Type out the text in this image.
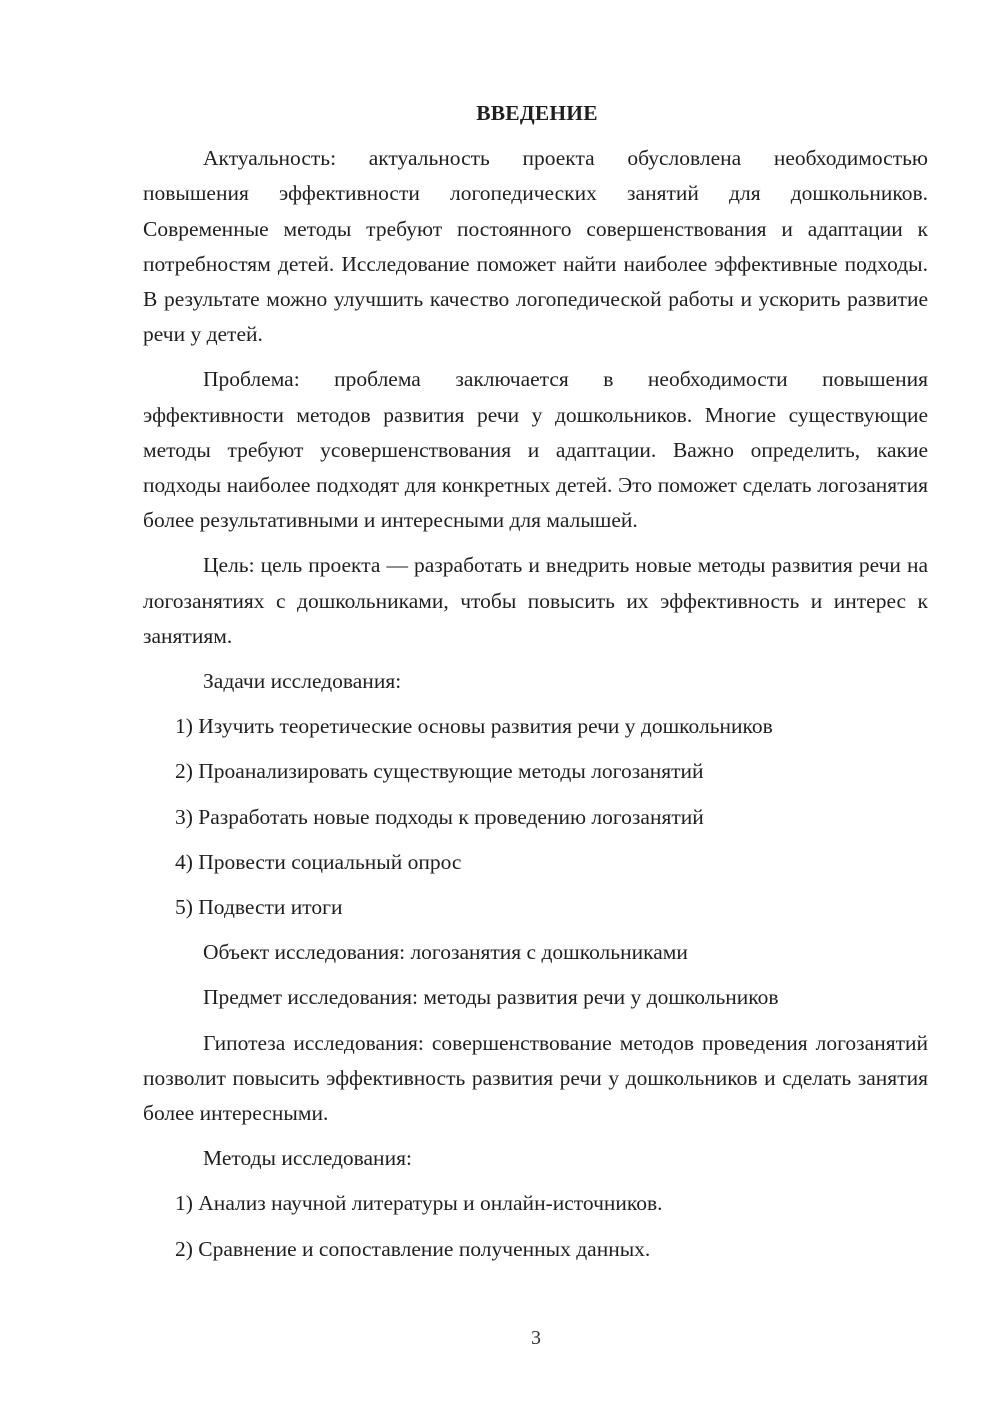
ВВЕДЕНИЕ
Актуальность: актуальность проекта обусловлена необходимостью повышения эффективности логопедических занятий для дошкольников. Современные методы требуют постоянного совершенствования и адаптации к потребностям детей. Исследование поможет найти наиболее эффективные подходы. В результате можно улучшить качество логопедической работы и ускорить развитие речи у детей.
Проблема: проблема заключается в необходимости повышения эффективности методов развития речи у дошкольников. Многие существующие методы требуют усовершенствования и адаптации. Важно определить, какие подходы наиболее подходят для конкретных детей. Это поможет сделать логозанятия более результативными и интересными для малышей.
Цель: цель проекта — разработать и внедрить новые методы развития речи на логозанятиях с дошкольниками, чтобы повысить их эффективность и интерес к занятиям.
Задачи исследования:
1) Изучить теоретические основы развития речи у дошкольников
2) Проанализировать существующие методы логозанятий
3) Разработать новые подходы к проведению логозанятий
4) Провести социальный опрос
5) Подвести итоги
Объект исследования: логозанятия с дошкольниками
Предмет исследования: методы развития речи у дошкольников
Гипотеза исследования: совершенствование методов проведения логозанятий позволит повысить эффективность развития речи у дошкольников и сделать занятия более интересными.
Методы исследования:
1) Анализ научной литературы и онлайн-источников.
2) Сравнение и сопоставление полученных данных.
3
